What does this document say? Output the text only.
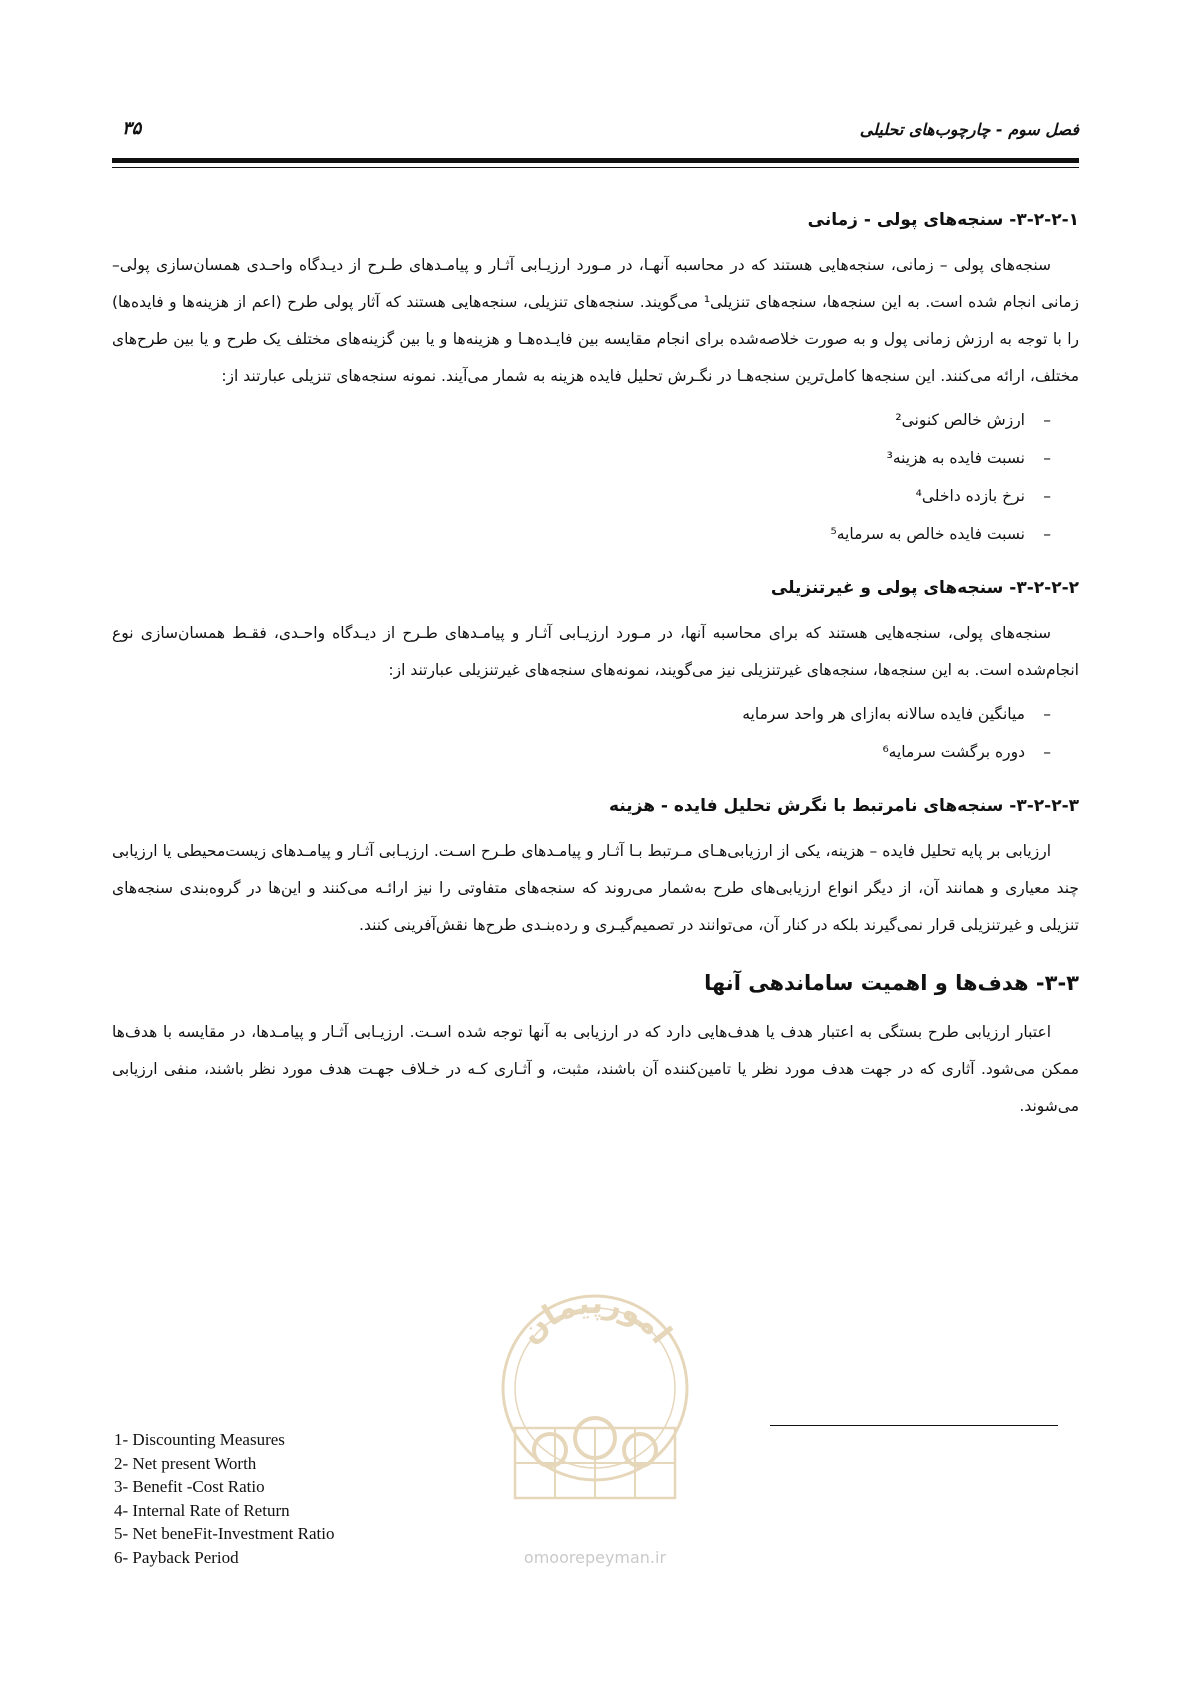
فصل سوم - چارچوب‌های تحلیلی
۳۵
۳-۲-۲-۱- سنجه‌های پولی - زمانی

سنجه‌های پولی – زمانی، سنجه‌هایی هستند که در محاسبه آنهـا، در مـورد ارزیـابی آثـار و پیامـدهای طـرح از دیـدگاه واحـدی همسان‌سازی پولی– زمانی انجام شده است. به این سنجه‌ها، سنجه‌های تنزیلی¹ می‌گویند. سنجه‌های تنزیلی، سنجه‌هایی هستند که آثار پولی طرح (اعم از هزینه‌ها و فایده‌ها) را با توجه به ارزش زمانی پول و به صورت خلاصه‌شده برای انجام مقایسه بین فایـده‌هـا و هزینه‌ها و یا بین گزینه‌های مختلف یک طرح و یا بین طرح‌های مختلف، ارائه می‌کنند. این سنجه‌ها کامل‌ترین سنجه‌هـا در نگـرش تحلیل فایده هزینه به شمار می‌آیند. نمونه سنجه‌های تنزیلی عبارتند از:

– ارزش خالص کنونی²
– نسبت فایده به هزینه³
– نرخ بازده داخلی⁴
– نسبت فایده خالص به سرمایه⁵
۳-۲-۲-۲- سنجه‌های پولی و غیرتنزیلی

سنجه‌های پولی، سنجه‌هایی هستند که برای محاسبه آنها، در مـورد ارزیـابی آثـار و پیامـدهای طـرح از دیـدگاه واحـدی، فقـط همسان‌سازی نوع انجام‌شده است. به این سنجه‌ها، سنجه‌های غیرتنزیلی نیز می‌گویند، نمونه‌های سنجه‌های غیرتنزیلی عبارتند از:

– میانگین فایده سالانه به‌ازای هر واحد سرمایه
– دوره برگشت سرمایه⁶
۳-۲-۲-۳- سنجه‌های نامرتبط با نگرش تحلیل فایده - هزینه

ارزیابی بر پایه تحلیل فایده – هزینه، یکی از ارزیابی‌هـای مـرتبط بـا آثـار و پیامـدهای طـرح اسـت. ارزیـابی آثـار و پیامـدهای زیست‌محیطی یا ارزیابی چند معیاری و همانند آن، از دیگر انواع ارزیابی‌های طرح به‌شمار می‌روند که سنجه‌های متفاوتی را نیز ارائـه می‌کنند و این‌ها در گروه‌بندی سنجه‌های تنزیلی و غیرتنزیلی قرار نمی‌گیرند بلکه در کنار آن، می‌توانند در تصمیم‌گیـری و رده‌بنـدی طرح‌ها نقش‌آفرینی کنند.

۳-۳- هدف‌ها و اهمیت ساماندهی آنها

اعتبار ارزیابی طرح بستگی به اعتبار هدف یا هدف‌هایی دارد که در ارزیابی به آنها توجه شده اسـت. ارزیـابی آثـار و پیامـدها، در مقایسه با هدف‌ها ممکن می‌شود. آثاری که در جهت هدف مورد نظر یا تامین‌کننده آن باشند، مثبت، و آثـاری کـه در خـلاف جهـت هدف مورد نظر باشند، منفی ارزیابی می‌شوند.

امورپیمان
omoorepeyman.ir
1- Discounting Measures
2- Net present Worth
3- Benefit -Cost Ratio
4- Internal Rate of Return
5- Net beneFit-Investment Ratio
6- Payback Period
